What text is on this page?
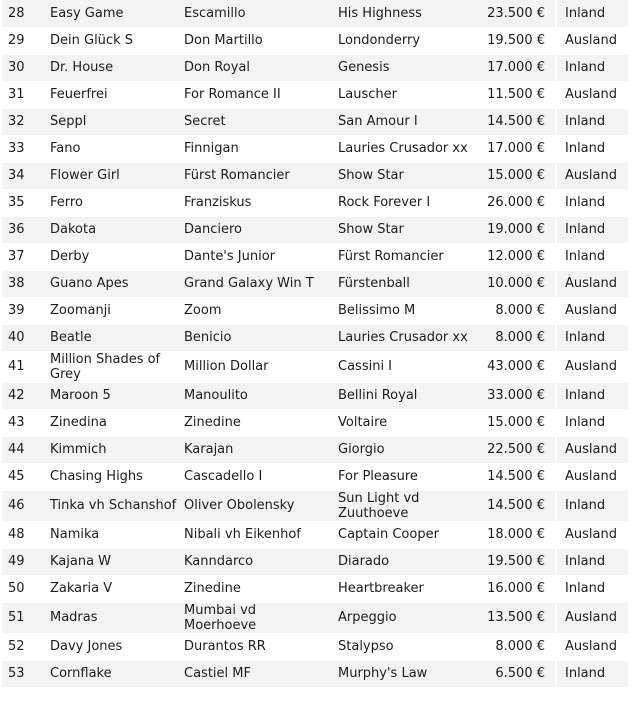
28	Easy Game	Escamillo	His Highness	23.500 €	Inland
29	Dein Glück S	Don Martillo	Londonderry	19.500 €	Ausland
30	Dr. House	Don Royal	Genesis	17.000 €	Inland
31	Feuerfrei	For Romance II	Lauscher	11.500 €	Ausland
32	Seppl	Secret	San Amour I	14.500 €	Inland
33	Fano	Finnigan	Lauries Crusador xx	17.000 €	Inland
34	Flower Girl	Fürst Romancier	Show Star	15.000 €	Ausland
35	Ferro	Franziskus	Rock Forever I	26.000 €	Inland
36	Dakota	Danciero	Show Star	19.000 €	Inland
37	Derby	Dante's Junior	Fürst Romancier	12.000 €	Inland
38	Guano Apes	Grand Galaxy Win T	Fürstenball	10.000 €	Ausland
39	Zoomanji	Zoom	Belissimo M	8.000 €	Ausland
40	Beatle	Benicio	Lauries Crusador xx	8.000 €	Inland
41	Million Shades of Grey	Million Dollar	Cassini I	43.000 €	Ausland
42	Maroon 5	Manoulito	Bellini Royal	33.000 €	Inland
43	Zinedina	Zinedine	Voltaire	15.000 €	Inland
44	Kimmich	Karajan	Giorgio	22.500 €	Ausland
45	Chasing Highs	Cascadello I	For Pleasure	14.500 €	Ausland
46	Tinka vh Schanshof	Oliver Obolensky	Sun Light vd Zuuthoeve	14.500 €	Inland
48	Namika	Nibali vh Eikenhof	Captain Cooper	18.000 €	Ausland
49	Kajana W	Kanndarco	Diarado	19.500 €	Inland
50	Zakaria V	Zinedine	Heartbreaker	16.000 €	Inland
51	Madras	Mumbai vd Moerhoeve	Arpeggio	13.500 €	Ausland
52	Davy Jones	Durantos RR	Stalypso	8.000 €	Ausland
53	Cornflake	Castiel MF	Murphy's Law	6.500 €	Inland
